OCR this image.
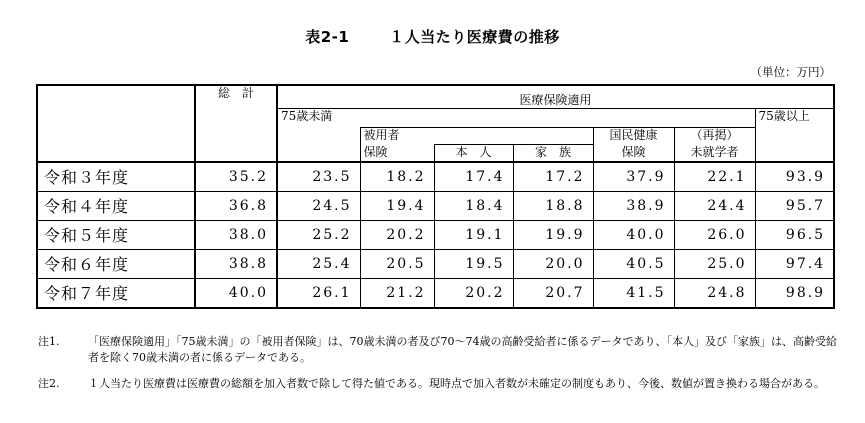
表2-1	１人当たり医療費の推移
（単位：万円）
	総　計	医療保険適用						
		75歳未満						75歳以上
			被用者			国民健康	（再掲）	
			保険	本　人	家　族	保険	未就学者	
令和３年度	35.2	23.5	18.2	17.4	17.2	37.9	22.1	93.9
令和４年度	36.8	24.5	19.4	18.4	18.8	38.9	24.4	95.7
令和５年度	38.0	25.2	20.2	19.1	19.9	40.0	26.0	96.5
令和６年度	38.8	25.4	20.5	19.5	20.0	40.5	25.0	97.4
令和７年度	40.0	26.1	21.2	20.2	20.7	41.5	24.8	98.9
注1.	「医療保険適用」「75歳未満」の「被用者保険」は、70歳未満の者及び70～74歳の高齢受給者に係るデータであり、「本人」及び「家族」は、高齢受給者を除く70歳未満の者に係るデータである。
注2.	１人当たり医療費は医療費の総額を加入者数で除して得た値である。現時点で加入者数が未確定の制度もあり、今後、数値が置き換わる場合がある。
